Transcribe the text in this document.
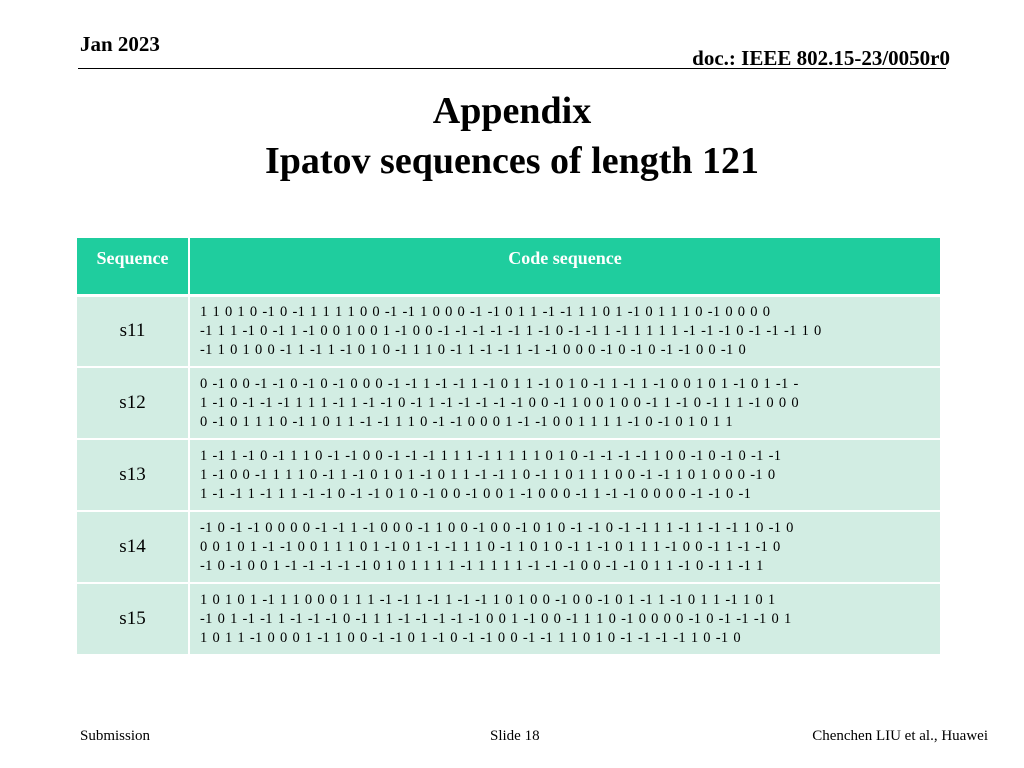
Jan 2023
doc.: IEEE 802.15-23/0050r0
Appendix
Ipatov sequences of length 121
Sequence	Code sequence
s11	1 1 0 1 0 -1 0 -1 1 1 1 1 0 0 -1 -1 1 0 0 0 -1 -1 0 1 1 -1 -1 1 1 0 1 -1 0 1 1 1 0 -1 0 0 0 0
-1 1 1 -1 0 -1 1 -1 0 0 1 0 0 1 -1 0 0 -1 -1 -1 -1 -1 1 -1 0 -1 -1 1 -1 1 1 1 1 -1 -1 -1 0 -1 -1 -1 1 0
-1 1 0 1 0 0 -1 1 -1 1 -1 0 1 0 -1 1 1 0 -1 1 -1 -1 1 -1 -1 0 0 0 -1 0 -1 0 -1 -1 0 0 -1 0

s12	0 -1 0 0 -1 -1 0 -1 0 -1 0 0 0 -1 -1 1 -1 -1 1 -1 0 1 1 -1 0 1 0 -1 1 -1 1 -1 0 0 1 0 1 -1 0 1 -1 -
1 -1 0 -1 -1 -1 1 1 1 -1 1 -1 -1 0 -1 1 -1 -1 -1 -1 -1 0 0 -1 1 0 0 1 0 0 -1 1 -1 0 -1 1 1 -1 0 0 0
0 -1 0 1 1 1 0 -1 1 0 1 1 -1 -1 1 1 0 -1 -1 0 0 0 1 -1 -1 0 0 1 1 1 1 -1 0 -1 0 1 0 1 1

s13	1 -1 1 -1 0 -1 1 1 0 -1 -1 0 0 -1 -1 -1 1 1 1 -1 1 1 1 1 0 1 0 -1 -1 -1 -1 1 0 0 -1 0 -1 0 -1 -1
1 -1 0 0 -1 1 1 1 0 -1 1 -1 0 1 0 1 -1 0 1 1 -1 -1 1 0 -1 1 0 1 1 1 0 0 -1 -1 1 0 1 0 0 0 -1 0
1 -1 -1 1 -1 1 1 -1 -1 0 -1 -1 0 1 0 -1 0 0 -1 0 0 1 -1 0 0 0 -1 1 -1 -1 0 0 0 0 -1 -1 0 -1

s14	-1 0 -1 -1 0 0 0 0 -1 -1 1 -1 0 0 0 -1 1 0 0 -1 0 0 -1 0 1 0 -1 -1 0 -1 -1 1 1 -1 1 -1 -1 1 0 -1 0
0 0 1 0 1 -1 -1 0 0 1 1 1 0 1 -1 0 1 -1 -1 1 1 0 -1 1 0 1 0 -1 1 -1 0 1 1 1 -1 0 0 -1 1 -1 -1 0
-1 0 -1 0 0 1 -1 -1 -1 -1 -1 0 1 0 1 1 1 1 -1 1 1 1 1 -1 -1 -1 0 0 -1 -1 0 1 1 -1 0 -1 1 -1 1

s15	1 0 1 0 1 -1 1 1 0 0 0 1 1 1 -1 -1 1 -1 1 -1 -1 1 0 1 0 0 -1 0 0 -1 0 1 -1 1 -1 0 1 1 -1 1 0 1
-1 0 1 -1 -1 1 -1 -1 -1 0 -1 1 1 -1 -1 -1 -1 -1 0 0 1 -1 0 0 -1 1 1 0 -1 0 0 0 0 -1 0 -1 -1 -1 0 1
1 0 1 1 -1 0 0 0 1 -1 1 0 0 -1 -1 0 1 -1 0 -1 -1 0 0 -1 -1 1 1 0 1 0 -1 -1 -1 -1 1 0 -1 0
Submission	Slide 18	Chenchen LIU et al., Huawei
